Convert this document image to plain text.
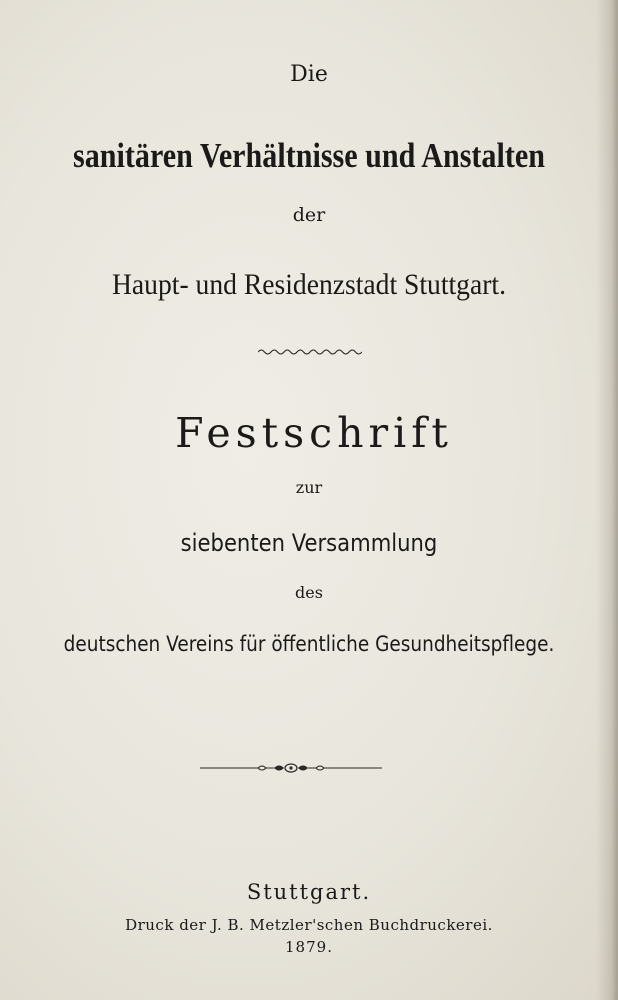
Die
sanitären Verhältnisse und Anstalten
der
Haupt- und Residenzstadt Stuttgart.
Festschrift
zur
siebenten Versammlung
des
deutschen Vereins für öffentliche Gesundheitspflege.
Stuttgart.
Druck der J. B. Metzler'schen Buchdruckerei.
1879.
